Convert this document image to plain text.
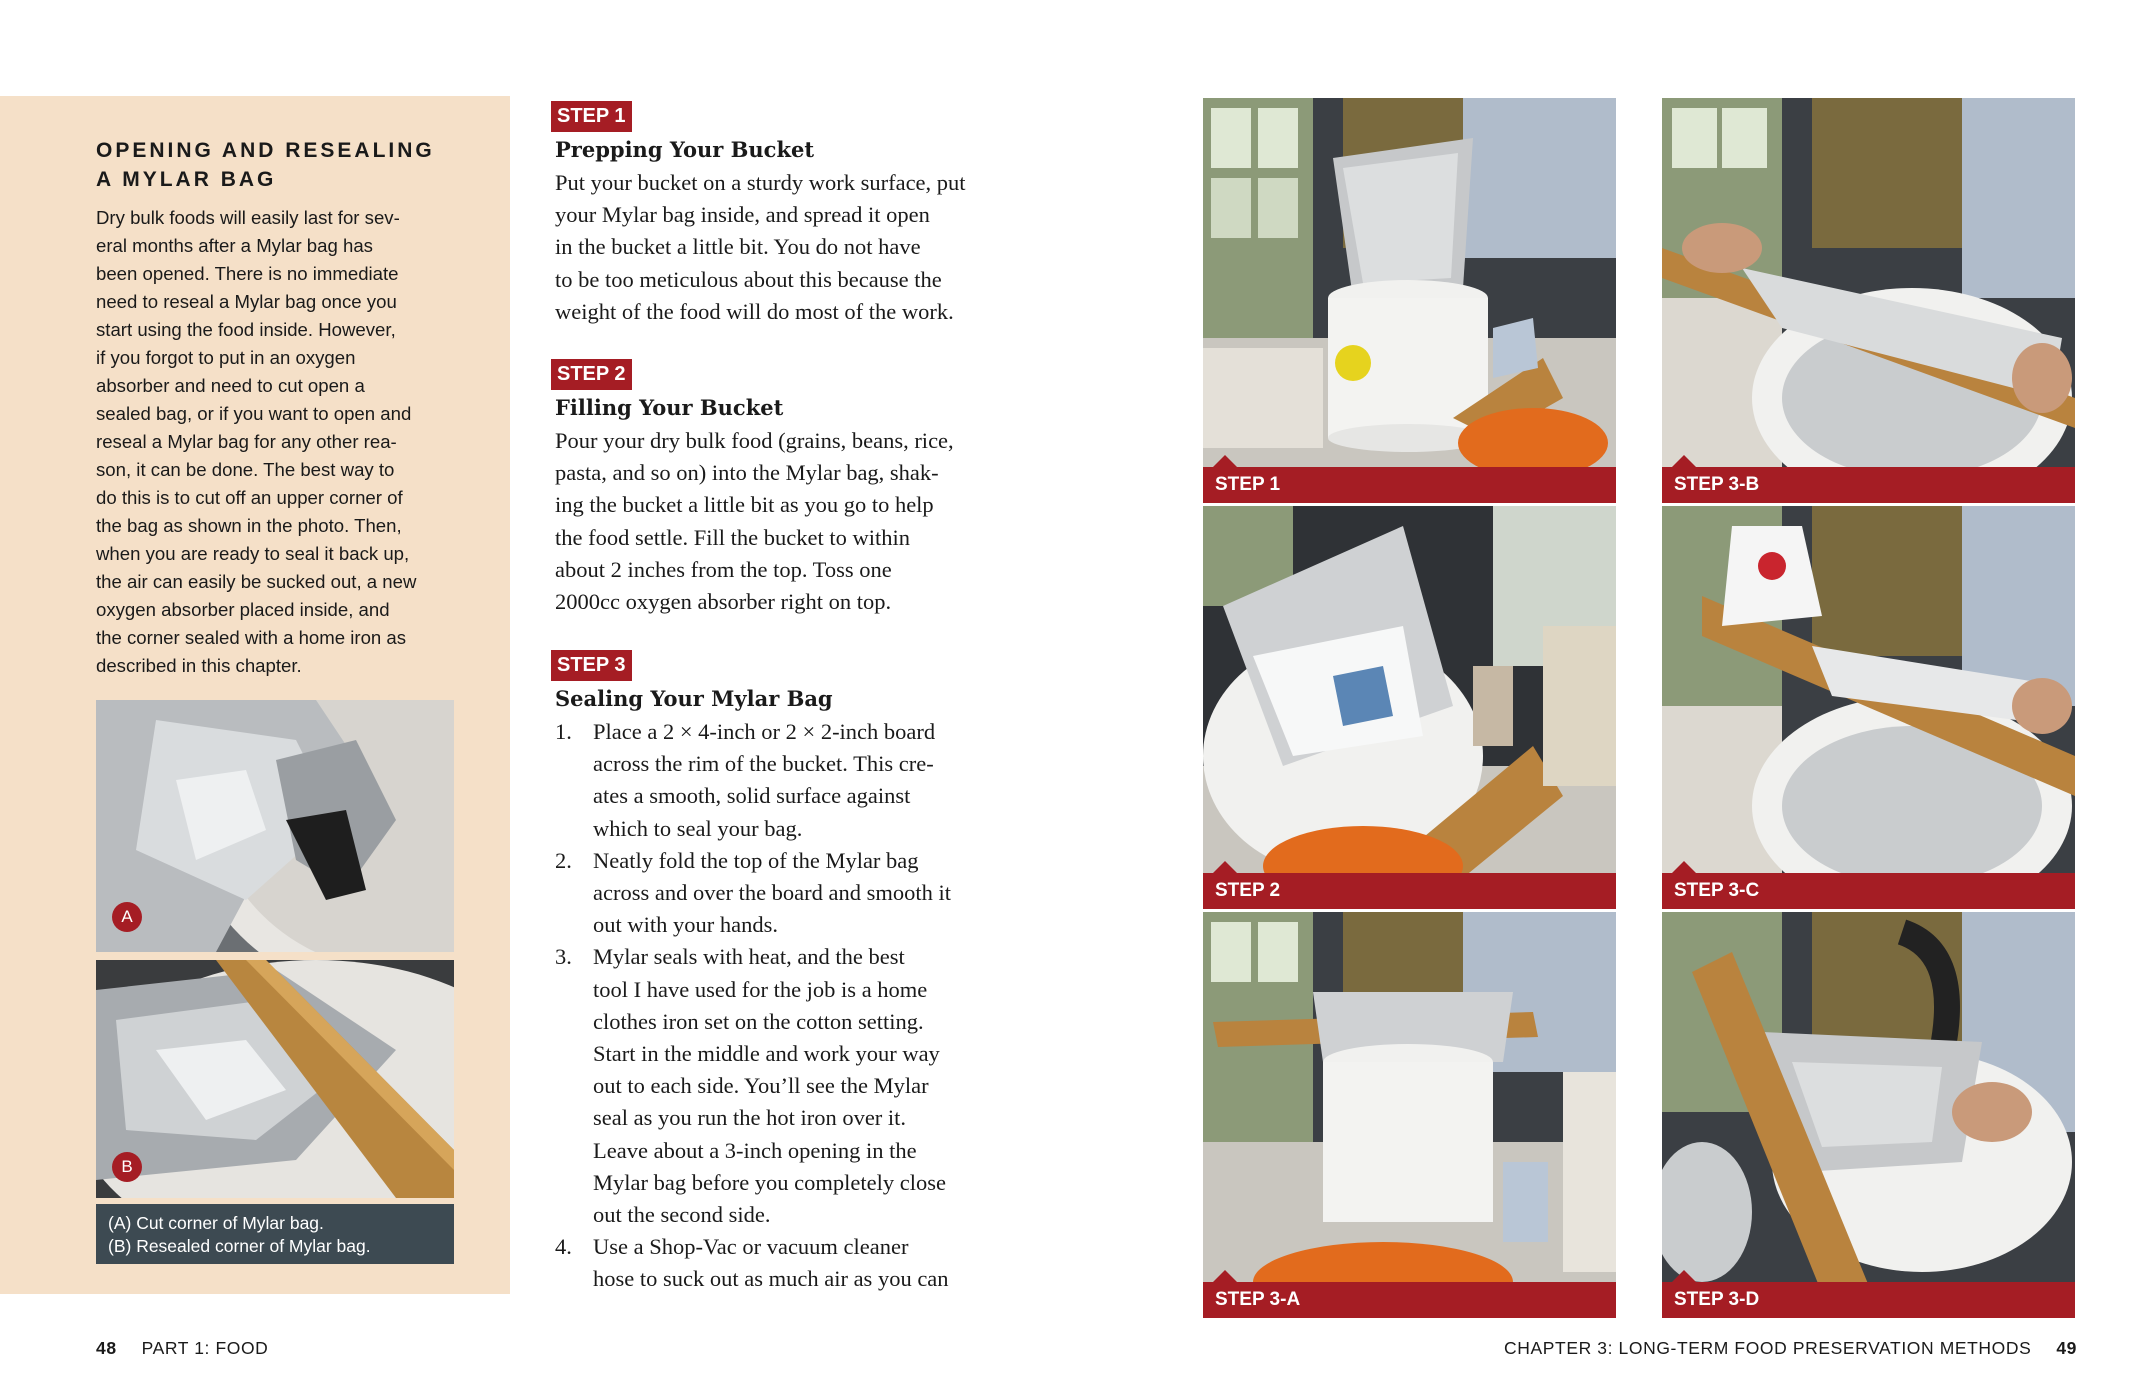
OPENING AND RESEALING
A MYLAR BAG
Dry bulk foods will easily last for sev-
eral months after a Mylar bag has
been opened. There is no immediate
need to reseal a Mylar bag once you
start using the food inside. However,
if you forgot to put in an oxygen
absorber and need to cut open a
sealed bag, or if you want to open and
reseal a Mylar bag for any other rea-
son, it can be done. The best way to
do this is to cut off an upper corner of
the bag as shown in the photo. Then,
when you are ready to seal it back up,
the air can easily be sucked out, a new
oxygen absorber placed inside, and
the corner sealed with a home iron as
described in this chapter.
A
B
(A) Cut corner of Mylar bag.
(B) Resealed corner of Mylar bag.
STEP 1
Prepping Your Bucket
Put your bucket on a sturdy work surface, put
your Mylar bag inside, and spread it open
in the bucket a little bit. You do not have
to be too meticulous about this because the
weight of the food will do most of the work.
STEP 2
Filling Your Bucket
Pour your dry bulk food (grains, beans, rice,
pasta, and so on) into the Mylar bag, shak-
ing the bucket a little bit as you go to help
the food settle. Fill the bucket to within
about 2 inches from the top. Toss one
2000cc oxygen absorber right on top.
STEP 3
Sealing Your Mylar Bag
1. Place a 2 × 4-inch or 2 × 2-inch board
across the rim of the bucket. This cre-
ates a smooth, solid surface against
which to seal your bag.
2. Neatly fold the top of the Mylar bag
across and over the board and smooth it
out with your hands.
3. Mylar seals with heat, and the best
tool I have used for the job is a home
clothes iron set on the cotton setting.
Start in the middle and work your way
out to each side. You’ll see the Mylar
seal as you run the hot iron over it.
Leave about a 3-inch opening in the
Mylar bag before you completely close
out the second side.
4. Use a Shop-Vac or vacuum cleaner
hose to suck out as much air as you can
STEP 1
STEP 2
STEP 3-A
STEP 3-B
STEP 3-C
STEP 3-D
48 PART 1: FOOD	CHAPTER 3: LONG-TERM FOOD PRESERVATION METHODS 49
